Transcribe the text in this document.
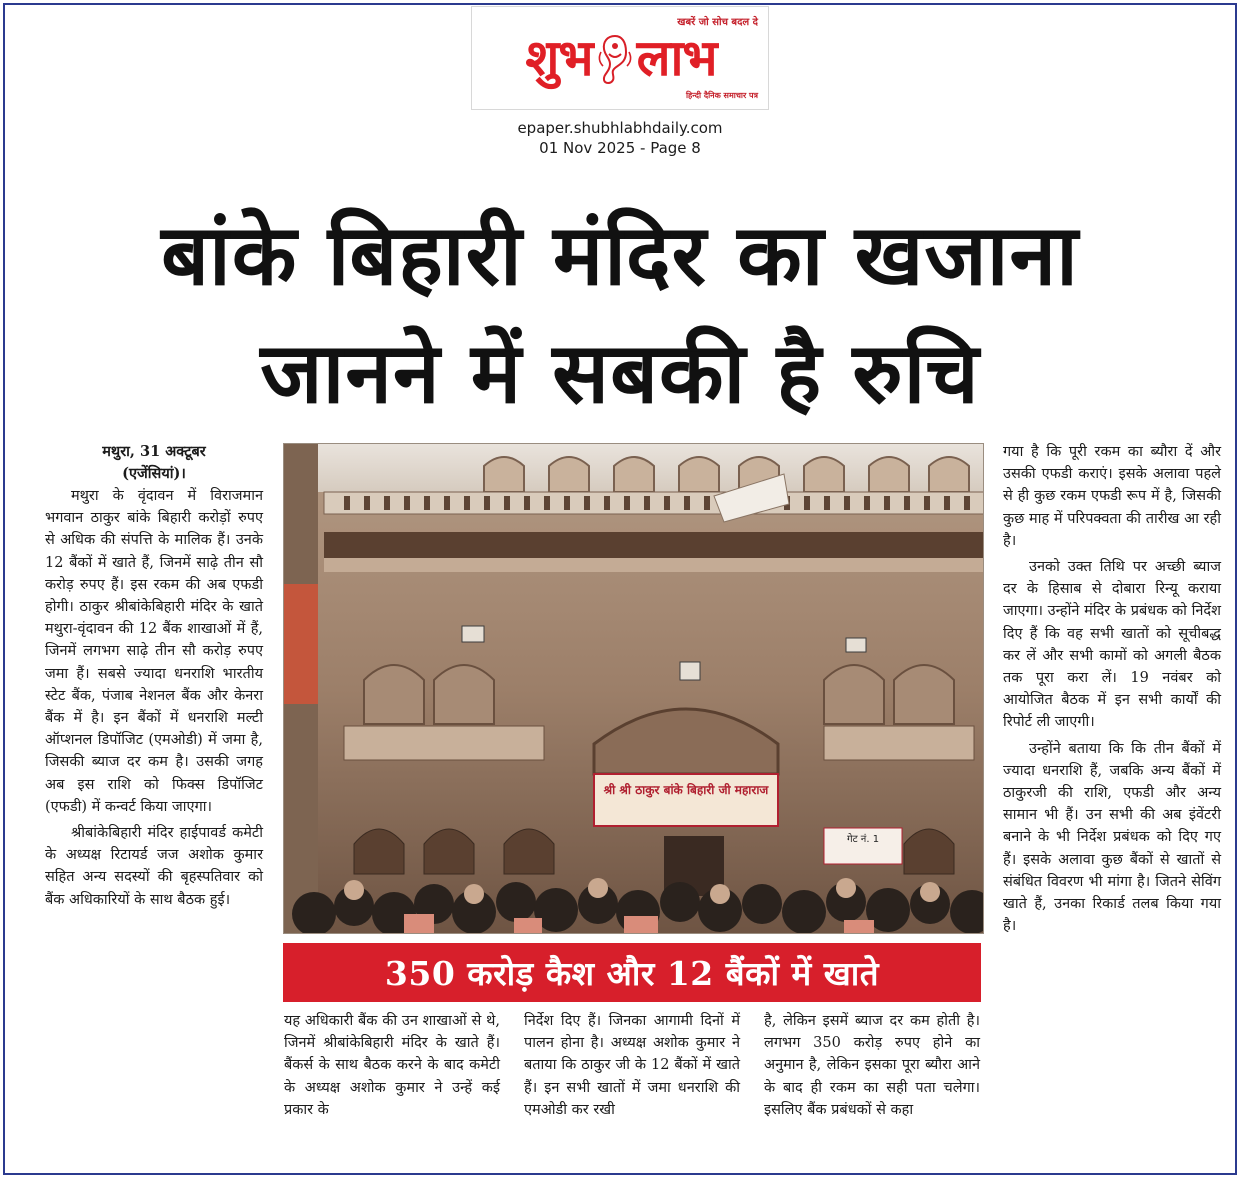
खबरें जो सोच बदल दे
शुभ लाभ
हिन्दी दैनिक समाचार पत्र
epaper.shubhlabhdaily.com
01 Nov 2025 - Page 8
बांके बिहारी मंदिर का खजाना
जानने में सबकी है रुचि
मथुरा, 31 अक्टूबर
(एजेंसियां)।

मथुरा के वृंदावन में विराजमान भगवान ठाकुर बांके बिहारी करोड़ों रुपए से अधिक की संपत्ति के मालिक हैं। उनके 12 बैंकों में खाते हैं, जिनमें साढ़े तीन सौ करोड़ रुपए हैं। इस रकम की अब एफडी होगी। ठाकुर श्रीबांकेबिहारी मंदिर के खाते मथुरा-वृंदावन की 12 बैंक शाखाओं में हैं, जिनमें लगभग साढ़े तीन सौ करोड़ रुपए जमा हैं। सबसे ज्यादा धनराशि भारतीय स्टेट बैंक, पंजाब नेशनल बैंक और केनरा बैंक में है। इन बैंकों में धनराशि मल्टी ऑप्शनल डिपॉजिट (एमओडी) में जमा है, जिसकी ब्याज दर कम है। उसकी जगह अब इस राशि को फिक्स डिपॉजिट (एफडी) में कन्वर्ट किया जाएगा।

श्रीबांकेबिहारी मंदिर हाईपावर्ड कमेटी के अध्यक्ष रिटायर्ड जज अशोक कुमार सहित अन्य सदस्यों की बृहस्पतिवार को बैंक अधिकारियों के साथ बैठक हुई।

श्री श्री ठाकुर बांके बिहारी जी महाराज
गेट नं. 1
350 करोड़ कैश और 12 बैंकों में खाते

यह अधिकारी बैंक की उन शाखाओं से थे, जिनमें श्रीबांकेबिहारी मंदिर के खाते हैं। बैंकर्स के साथ बैठक करने के बाद कमेटी के अध्यक्ष अशोक कुमार ने उन्हें कई प्रकार के

निर्देश दिए हैं। जिनका आगामी दिनों में पालन होना है। अध्यक्ष अशोक कुमार ने बताया कि ठाकुर जी के 12 बैंकों में खाते हैं। इन सभी खातों में जमा धनराशि की एमओडी कर रखी

है, लेकिन इसमें ब्याज दर कम होती है। लगभग 350 करोड़ रुपए होने का अनुमान है, लेकिन इसका पूरा ब्यौरा आने के बाद ही रकम का सही पता चलेगा। इसलिए बैंक प्रबंधकों से कहा

गया है कि पूरी रकम का ब्यौरा दें और उसकी एफडी कराएं। इसके अलावा पहले से ही कुछ रकम एफडी रूप में है, जिसकी कुछ माह में परिपक्वता की तारीख आ रही है।

उनको उक्त तिथि पर अच्छी ब्याज दर के हिसाब से दोबारा रिन्यू कराया जाएगा। उन्होंने मंदिर के प्रबंधक को निर्देश दिए हैं कि वह सभी खातों को सूचीबद्ध कर लें और सभी कामों को अगली बैठक तक पूरा करा लें। 19 नवंबर को आयोजित बैठक में इन सभी कार्यों की रिपोर्ट ली जाएगी।

उन्होंने बताया कि कि तीन बैंकों में ज्यादा धनराशि हैं, जबकि अन्य बैंकों में ठाकुरजी की राशि, एफडी और अन्य सामान भी हैं। उन सभी की अब इंवेंटरी बनाने के भी निर्देश प्रबंधक को दिए गए हैं। इसके अलावा कुछ बैंकों से खातों से संबंधित विवरण भी मांगा है। जितने सेविंग खाते हैं, उनका रिकार्ड तलब किया गया है।
